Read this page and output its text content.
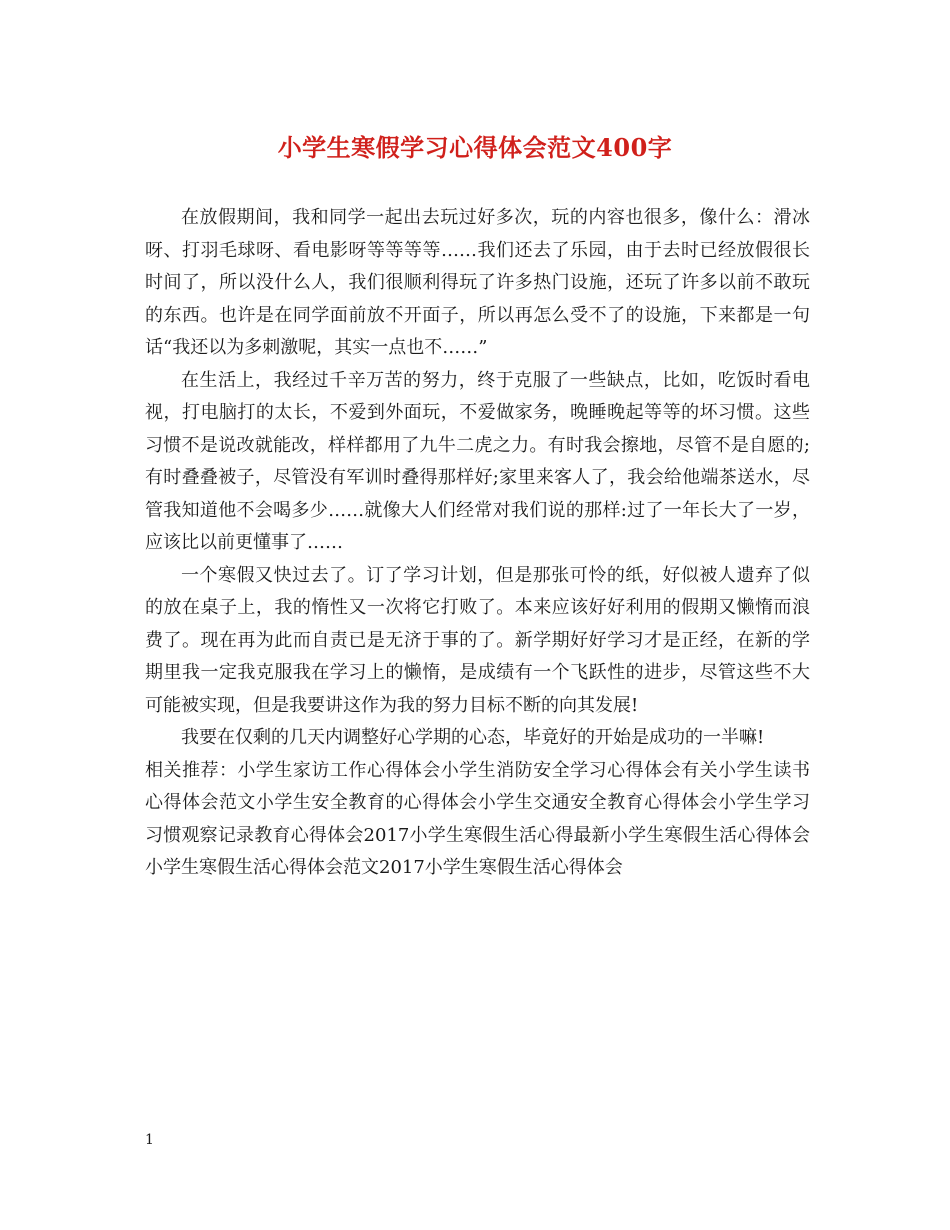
小学生寒假学习心得体会范文400字

在放假期间，我和同学一起出去玩过好多次，玩的内容也很多，像什么：滑冰呀、打羽毛球呀、看电影呀等等等等……我们还去了乐园，由于去时已经放假很长时间了，所以没什么人，我们很顺利得玩了许多热门设施，还玩了许多以前不敢玩的东西。也许是在同学面前放不开面子，所以再怎么受不了的设施，下来都是一句话“我还以为多刺激呢，其实一点也不……”

在生活上，我经过千辛万苦的努力，终于克服了一些缺点，比如，吃饭时看电视，打电脑打的太长，不爱到外面玩，不爱做家务，晚睡晚起等等的坏习惯。这些习惯不是说改就能改，样样都用了九牛二虎之力。有时我会擦地，尽管不是自愿的;有时叠叠被子，尽管没有军训时叠得那样好;家里来客人了，我会给他端茶送水，尽管我知道他不会喝多少……就像大人们经常对我们说的那样:过了一年长大了一岁，应该比以前更懂事了……

一个寒假又快过去了。订了学习计划，但是那张可怜的纸，好似被人遗弃了似的放在桌子上，我的惰性又一次将它打败了。本来应该好好利用的假期又懒惰而浪费了。现在再为此而自责已是无济于事的了。新学期好好学习才是正经，在新的学期里我一定我克服我在学习上的懒惰，是成绩有一个飞跃性的进步，尽管这些不大可能被实现，但是我要讲这作为我的努力目标不断的向其发展!

我要在仅剩的几天内调整好心学期的心态，毕竟好的开始是成功的一半嘛!

相关推荐：小学生家访工作心得体会小学生消防安全学习心得体会有关小学生读书心得体会范文小学生安全教育的心得体会小学生交通安全教育心得体会小学生学习习惯观察记录教育心得体会2017小学生寒假生活心得最新小学生寒假生活心得体会小学生寒假生活心得体会范文2017小学生寒假生活心得体会

1
